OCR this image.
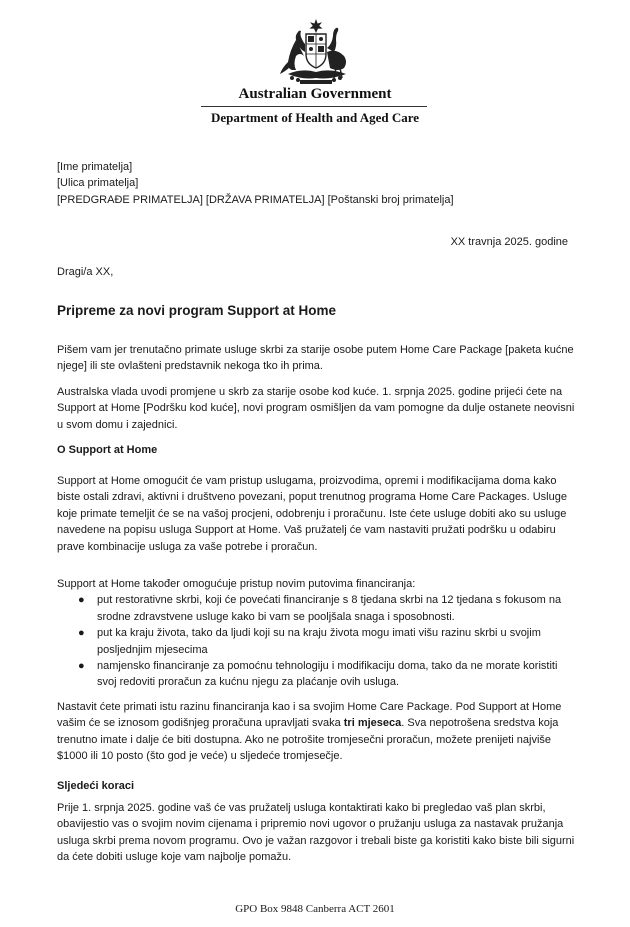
Australian Government
Department of Health and Aged Care
[Ime primatelja]
[Ulica primatelja]
[PREDGRAĐE PRIMATELJA] [DRŽAVA PRIMATELJA] [Poštanski broj primatelja]
XX travnja 2025. godine
Dragi/a XX,
Pripreme za novi program Support at Home

Pišem vam jer trenutačno primate usluge skrbi za starije osobe putem Home Care Package [paketa kućne njege] ili ste ovlašteni predstavnik nekoga tko ih prima.

Australska vlada uvodi promjene u skrb za starije osobe kod kuće. 1. srpnja 2025. godine prijeći ćete na Support at Home [Podršku kod kuće], novi program osmišljen da vam pomogne da dulje ostanete neovisni u svom domu i zajednici.

O Support at Home

Support at Home omogućit će vam pristup uslugama, proizvodima, opremi i modifikacijama doma kako biste ostali zdravi, aktivni i društveno povezani, poput trenutnog programa Home Care Packages. Usluge koje primate temeljit će se na vašoj procjeni, odobrenju i proračunu. Iste ćete usluge dobiti ako su usluge navedene na popisu usluga Support at Home. Vaš pružatelj će vam nastaviti pružati podršku u odabiru prave kombinacije usluga za vaše potrebe i proračun.

Support at Home također omogućuje pristup novim putovima financiranja:

● put restorativne skrbi, koji će povećati financiranje s 8 tjedana skrbi na 12 tjedana s fokusom na srodne zdravstvene usluge kako bi vam se pooljšala snaga i sposobnosti.
● put ka kraju života, tako da ljudi koji su na kraju života mogu imati višu razinu skrbi u svojim posljednjim mjesecima
● namjensko financiranje za pomoćnu tehnologiju i modifikaciju doma, tako da ne morate koristiti svoj redoviti proračun za kućnu njegu za plaćanje ovih usluga.

Nastavit ćete primati istu razinu financiranja kao i sa svojim Home Care Package. Pod Support at Home vašim će se iznosom godišnjeg proračuna upravljati svaka tri mjeseca. Sva nepotrošena sredstva koja trenutno imate i dalje će biti dostupna. Ako ne potrošite tromjesečni proračun, možete prenijeti najviše $1000 ili 10 posto (što god je veće) u sljedeće tromjesečje.

Sljedeći koraci

Prije 1. srpnja 2025. godine vaš će vas pružatelj usluga kontaktirati kako bi pregledao vaš plan skrbi, obavijestio vas o svojim novim cijenama i pripremio novi ugovor o pružanju usluga za nastavak pružanja usluga skrbi prema novom programu. Ovo je važan razgovor i trebali biste ga koristiti kako biste bili sigurni da ćete dobiti usluge koje vam najbolje pomažu.

GPO Box 9848 Canberra ACT 2601
